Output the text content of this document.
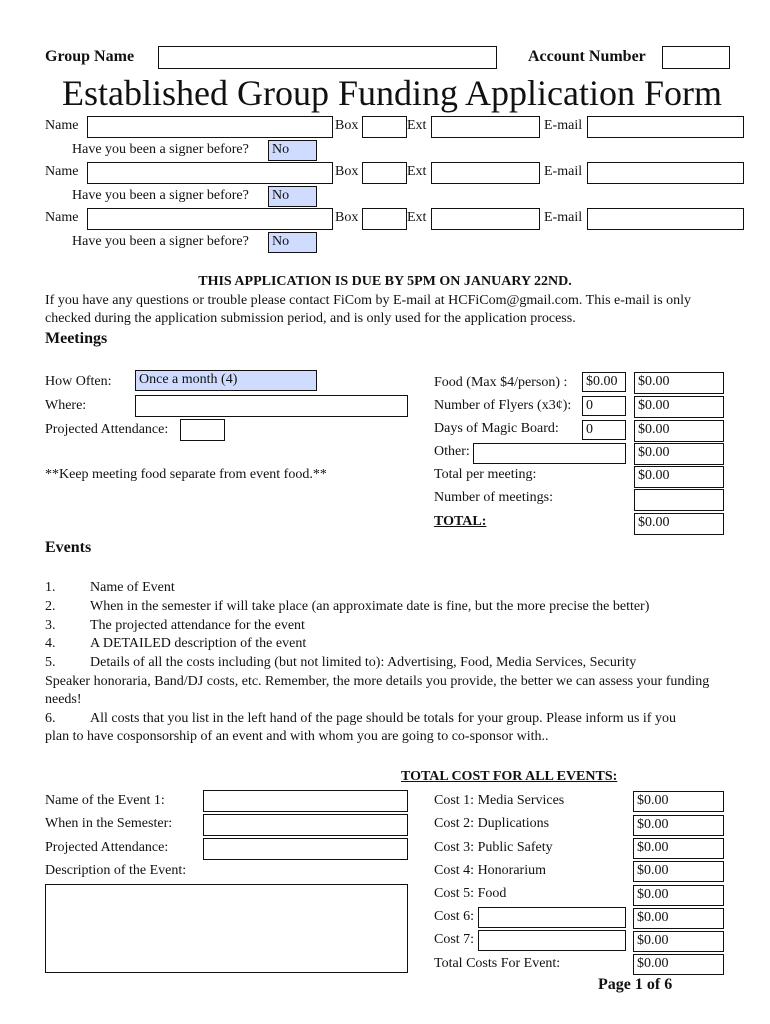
Group Name	Account Number
Established Group Funding Application Form
Name	Box	Ext	E-mail
Have you been a signer before? No
Name	Box	Ext	E-mail
Have you been a signer before? No
Name	Box	Ext	E-mail
Have you been a signer before? No
THIS APPLICATION IS DUE BY 5PM ON JANUARY 22ND.
If you have any questions or trouble please contact FiCom by E-mail at HCFiCom@gmail.com. This e-mail is only checked during the application submission period, and is only used for the application process.
Meetings
How Often: Once a month (4)
Where:
Projected Attendance:
**Keep meeting food separate from event food.**
Food (Max $4/person) : $0.00 $0.00
Number of Flyers (x3¢): 0	$0.00
Days of Magic Board: 0	$0.00
Other:	$0.00
Total per meeting:	$0.00
Number of meetings:
TOTAL:	$0.00
Events
1. Name of Event
2. When in the semester if will take place (an approximate date is fine, but the more precise the better)
3. The projected attendance for the event
4. A DETAILED description of the event
5. Details of all the costs including (but not limited to): Advertising, Food, Media Services, Security
Speaker honoraria, Band/DJ costs, etc. Remember, the more details you provide, the better we can assess your funding needs!
6. All costs that you list in the left hand of the page should be totals for your group. Please inform us if you
plan to have cosponsorship of an event and with whom you are going to co-sponsor with..
TOTAL COST FOR ALL EVENTS:
Name of the Event 1:
When in the Semester:
Projected Attendance:
Description of the Event:
Cost 1: Media Services	$0.00
Cost 2: Duplications	$0.00
Cost 3: Public Safety	$0.00
Cost 4: Honorarium	$0.00
Cost 5: Food	$0.00
Cost 6:	$0.00
Cost 7:	$0.00
Total Costs For Event:	$0.00
Page 1 of 6
